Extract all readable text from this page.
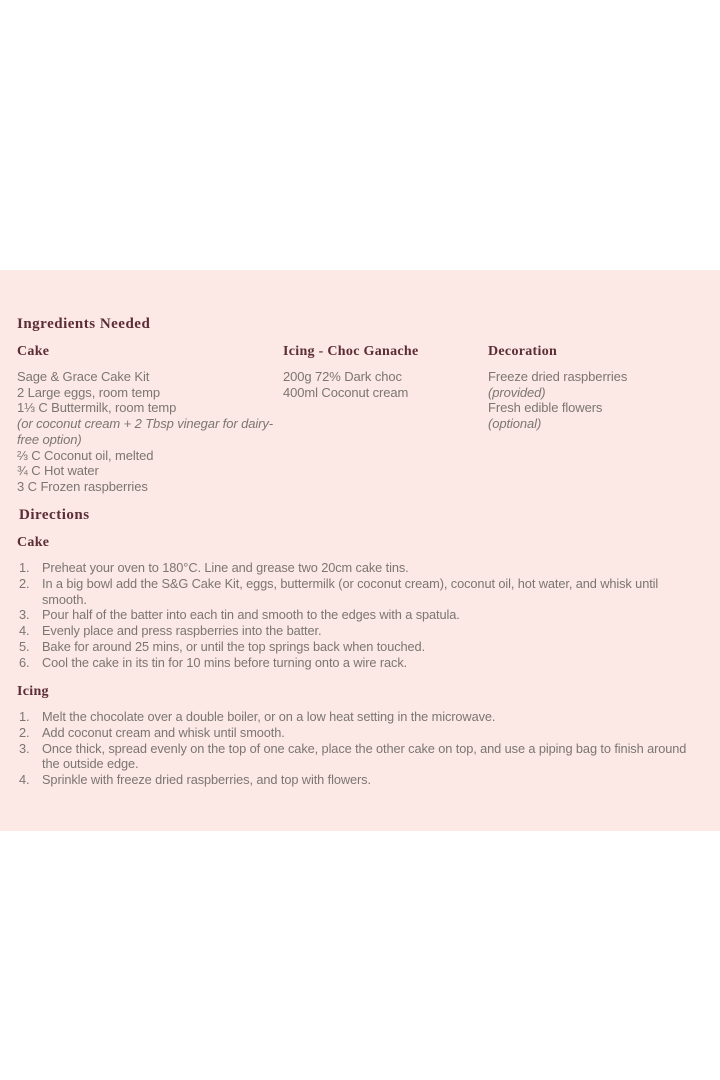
Ingredients Needed
Cake
Sage & Grace Cake Kit
2 Large eggs, room temp
1⅓ C Buttermilk, room temp
(or coconut cream + 2 Tbsp vinegar for dairy-free option)
⅔ C Coconut oil, melted
¾ C Hot water
3 C Frozen raspberries
Icing - Choc Ganache
200g 72% Dark choc
400ml Coconut cream
Decoration
Freeze dried raspberries
(provided)
Fresh edible flowers
(optional)
Directions
Cake
Preheat your oven to 180°C. Line and grease two 20cm cake tins.
In a big bowl add the S&G Cake Kit, eggs, buttermilk (or coconut cream), coconut oil, hot water, and whisk until smooth.
Pour half of the batter into each tin and smooth to the edges with a spatula.
Evenly place and press raspberries into the batter.
Bake for around 25 mins, or until the top springs back when touched.
Cool the cake in its tin for 10 mins before turning onto a wire rack.
Icing
Melt the chocolate over a double boiler, or on a low heat setting in the microwave.
Add coconut cream and whisk until smooth.
Once thick, spread evenly on the top of one cake, place the other cake on top, and use a piping bag to finish around the outside edge.
Sprinkle with freeze dried raspberries, and top with flowers.
